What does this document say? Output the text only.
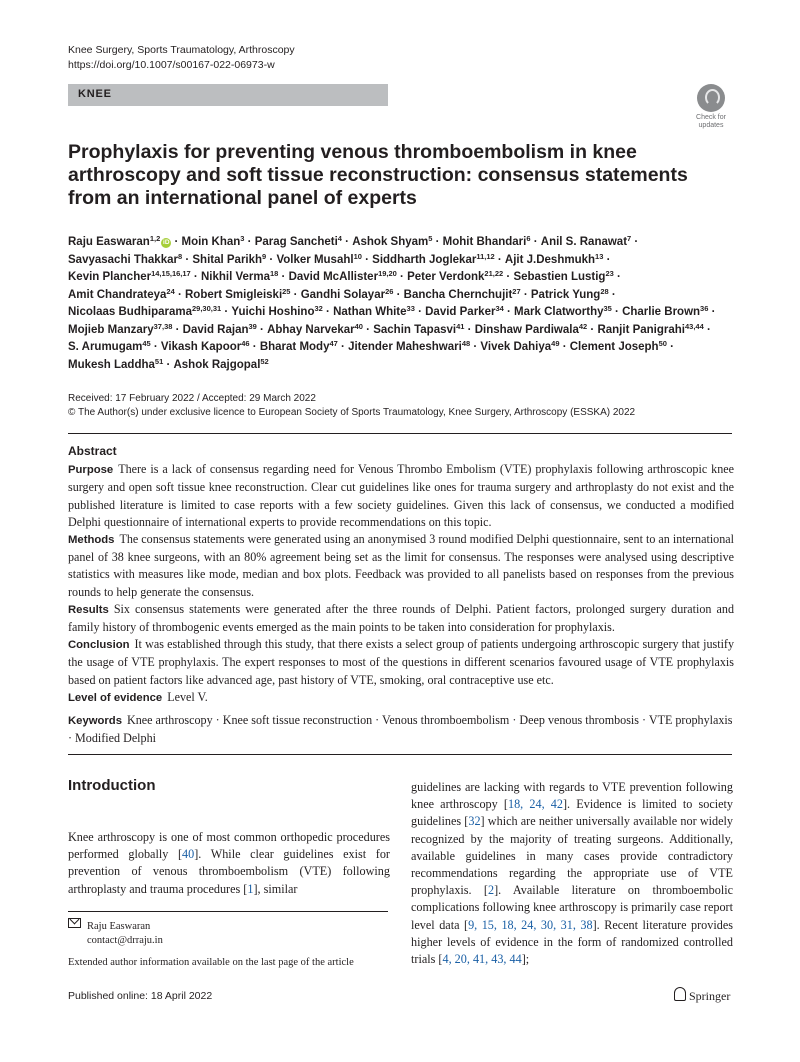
Knee Surgery, Sports Traumatology, Arthroscopy
https://doi.org/10.1007/s00167-022-06973-w
KNEE
Check for
updates
Prophylaxis for preventing venous thromboembolism in knee arthroscopy and soft tissue reconstruction: consensus statements from an international panel of experts
Raju Easwaran$^{1,2}$ iD · Moin Khan$^3$ · Parag Sancheti$^4$ · Ashok Shyam$^5$ · Mohit Bhandari$^6$ · Anil S. Ranawat$^7$ · Savyasachi Thakkar$^8$ · Shital Parikh$^9$ · Volker Musahl$^{10}$ · Siddharth Joglekar$^{11,12}$ · Ajit J.Deshmukh$^{13}$ · Kevin Plancher$^{14,15,16,17}$ · Nikhil Verma$^{18}$ · David McAllister$^{19,20}$ · Peter Verdonk$^{21,22}$ · Sebastien Lustig$^{23}$ · Amit Chandrateya$^{24}$ · Robert Smigleiski$^{25}$ · Gandhi Solayar$^{26}$ · Bancha Chernchujit$^{27}$ · Patrick Yung$^{28}$ · Nicolaas Budhiparama$^{29,30,31}$ · Yuichi Hoshino$^{32}$ · Nathan White$^{33}$ · David Parker$^{34}$ · Mark Clatworthy$^{35}$ · Charlie Brown$^{36}$ · Mojieb Manzary$^{37,38}$ · David Rajan$^{39}$ · Abhay Narvekar$^{40}$ · Sachin Tapasvi$^{41}$ · Dinshaw Pardiwala$^{42}$ · Ranjit Panigrahi$^{43,44}$ · S. Arumugam$^{45}$ · Vikash Kapoor$^{46}$ · Bharat Mody$^{47}$ · Jitender Maheshwari$^{48}$ · Vivek Dahiya$^{49}$ · Clement Joseph$^{50}$ · Mukesh Laddha$^{51}$ · Ashok Rajgopal$^{52}$
Received: 17 February 2022 / Accepted: 29 March 2022
© The Author(s) under exclusive licence to European Society of Sports Traumatology, Knee Surgery, Arthroscopy (ESSKA) 2022
Abstract

Purpose There is a lack of consensus regarding need for Venous Thrombo Embolism (VTE) prophylaxis following arthroscopic knee surgery and open soft tissue knee reconstruction. Clear cut guidelines like ones for trauma surgery and arthroplasty do not exist and the published literature is limited to case reports with a few society guidelines. Given this lack of consensus, we conducted a modified Delphi questionnaire of international experts to provide recommendations on this topic.

Methods The consensus statements were generated using an anonymised 3 round modified Delphi questionnaire, sent to an international panel of 38 knee surgeons, with an 80% agreement being set as the limit for consensus. The responses were analysed using descriptive statistics with measures like mode, median and box plots. Feedback was provided to all panelists based on responses from the previous rounds to help generate the consensus.

Results Six consensus statements were generated after the three rounds of Delphi. Patient factors, prolonged surgery duration and family history of thrombogenic events emerged as the main points to be taken into consideration for prophylaxis.

Conclusion It was established through this study, that there exists a select group of patients undergoing arthroscopic surgery that justify the usage of VTE prophylaxis. The expert responses to most of the questions in different scenarios favoured usage of VTE prophylaxis based on patient factors like advanced age, past history of VTE, smoking, oral contraceptive use etc.

Level of evidence Level V.

Keywords Knee arthroscopy · Knee soft tissue reconstruction · Venous thromboembolism · Deep venous thrombosis · VTE prophylaxis · Modified Delphi
Introduction
Knee arthroscopy is one of most common orthopedic procedures performed globally [40]. While clear guidelines exist for prevention of venous thromboembolism (VTE) following arthroplasty and trauma procedures [1], similar
guidelines are lacking with regards to VTE prevention following knee arthroscopy [18, 24, 42]. Evidence is limited to society guidelines [32] which are neither universally available nor widely recognized by the majority of treating surgeons. Additionally, available guidelines in many cases provide contradictory recommendations regarding the appropriate use of VTE prophylaxis. [2]. Available literature on thromboembolic complications following knee arthroscopy is primarily case report level data [9, 15, 18, 24, 30, 31, 38]. Recent literature provides higher levels of evidence in the form of randomized controlled trials [4, 20, 41, 43, 44];
Raju Easwaran
contact@drraju.in
Extended author information available on the last page of the article
Published online: 18 April 2022	Springer
